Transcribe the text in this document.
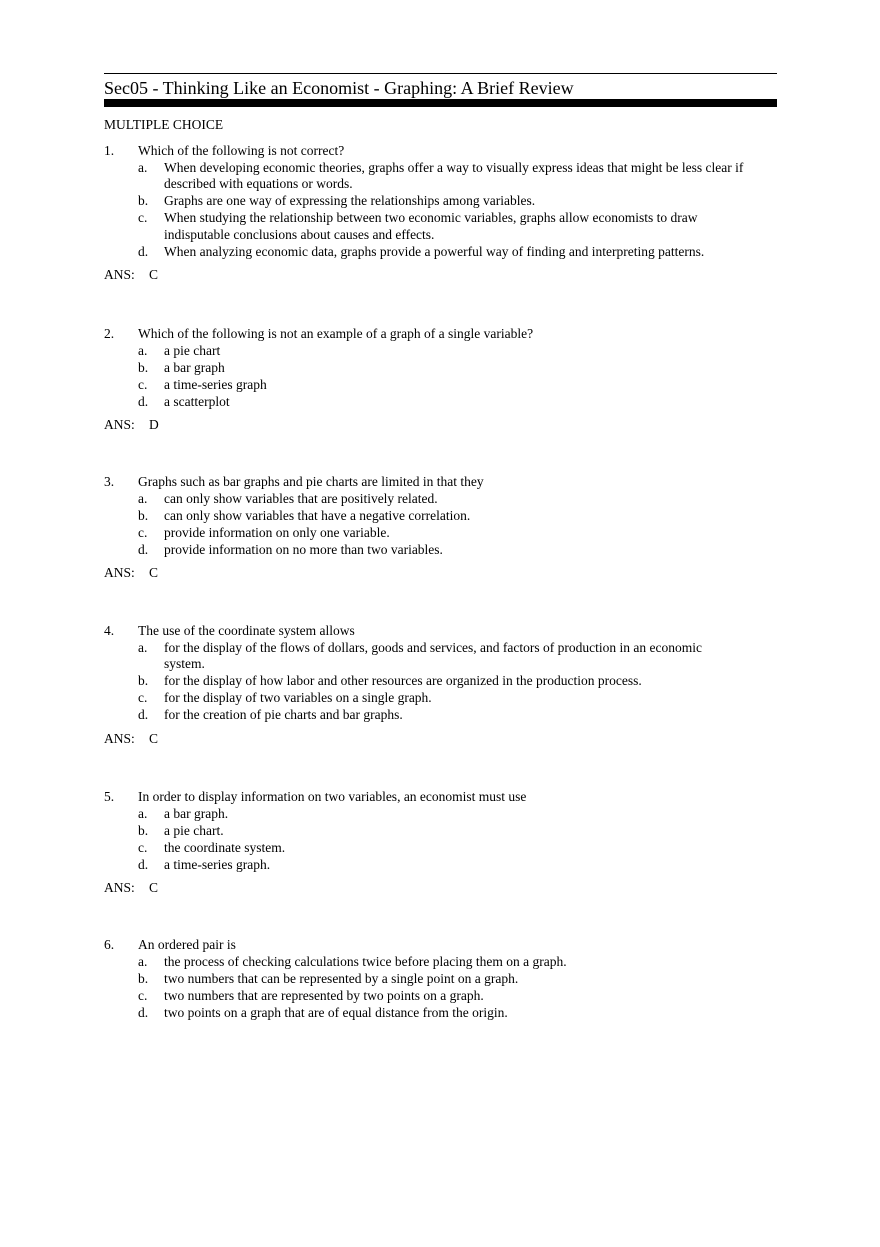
Sec05 - Thinking Like an Economist - Graphing: A Brief Review
MULTIPLE CHOICE
1. Which of the following is not correct?
a. When developing economic theories, graphs offer a way to visually express ideas that might be less clear if described with equations or words.
b. Graphs are one way of expressing the relationships among variables.
c. When studying the relationship between two economic variables, graphs allow economists to draw indisputable conclusions about causes and effects.
d. When analyzing economic data, graphs provide a powerful way of finding and interpreting patterns.
ANS: C
2. Which of the following is not an example of a graph of a single variable?
a. a pie chart
b. a bar graph
c. a time-series graph
d. a scatterplot
ANS: D
3. Graphs such as bar graphs and pie charts are limited in that they
a. can only show variables that are positively related.
b. can only show variables that have a negative correlation.
c. provide information on only one variable.
d. provide information on no more than two variables.
ANS: C
4. The use of the coordinate system allows
a. for the display of the flows of dollars, goods and services, and factors of production in an economic system.
b. for the display of how labor and other resources are organized in the production process.
c. for the display of two variables on a single graph.
d. for the creation of pie charts and bar graphs.
ANS: C
5. In order to display information on two variables, an economist must use
a. a bar graph.
b. a pie chart.
c. the coordinate system.
d. a time-series graph.
ANS: C
6. An ordered pair is
a. the process of checking calculations twice before placing them on a graph.
b. two numbers that can be represented by a single point on a graph.
c. two numbers that are represented by two points on a graph.
d. two points on a graph that are of equal distance from the origin.
